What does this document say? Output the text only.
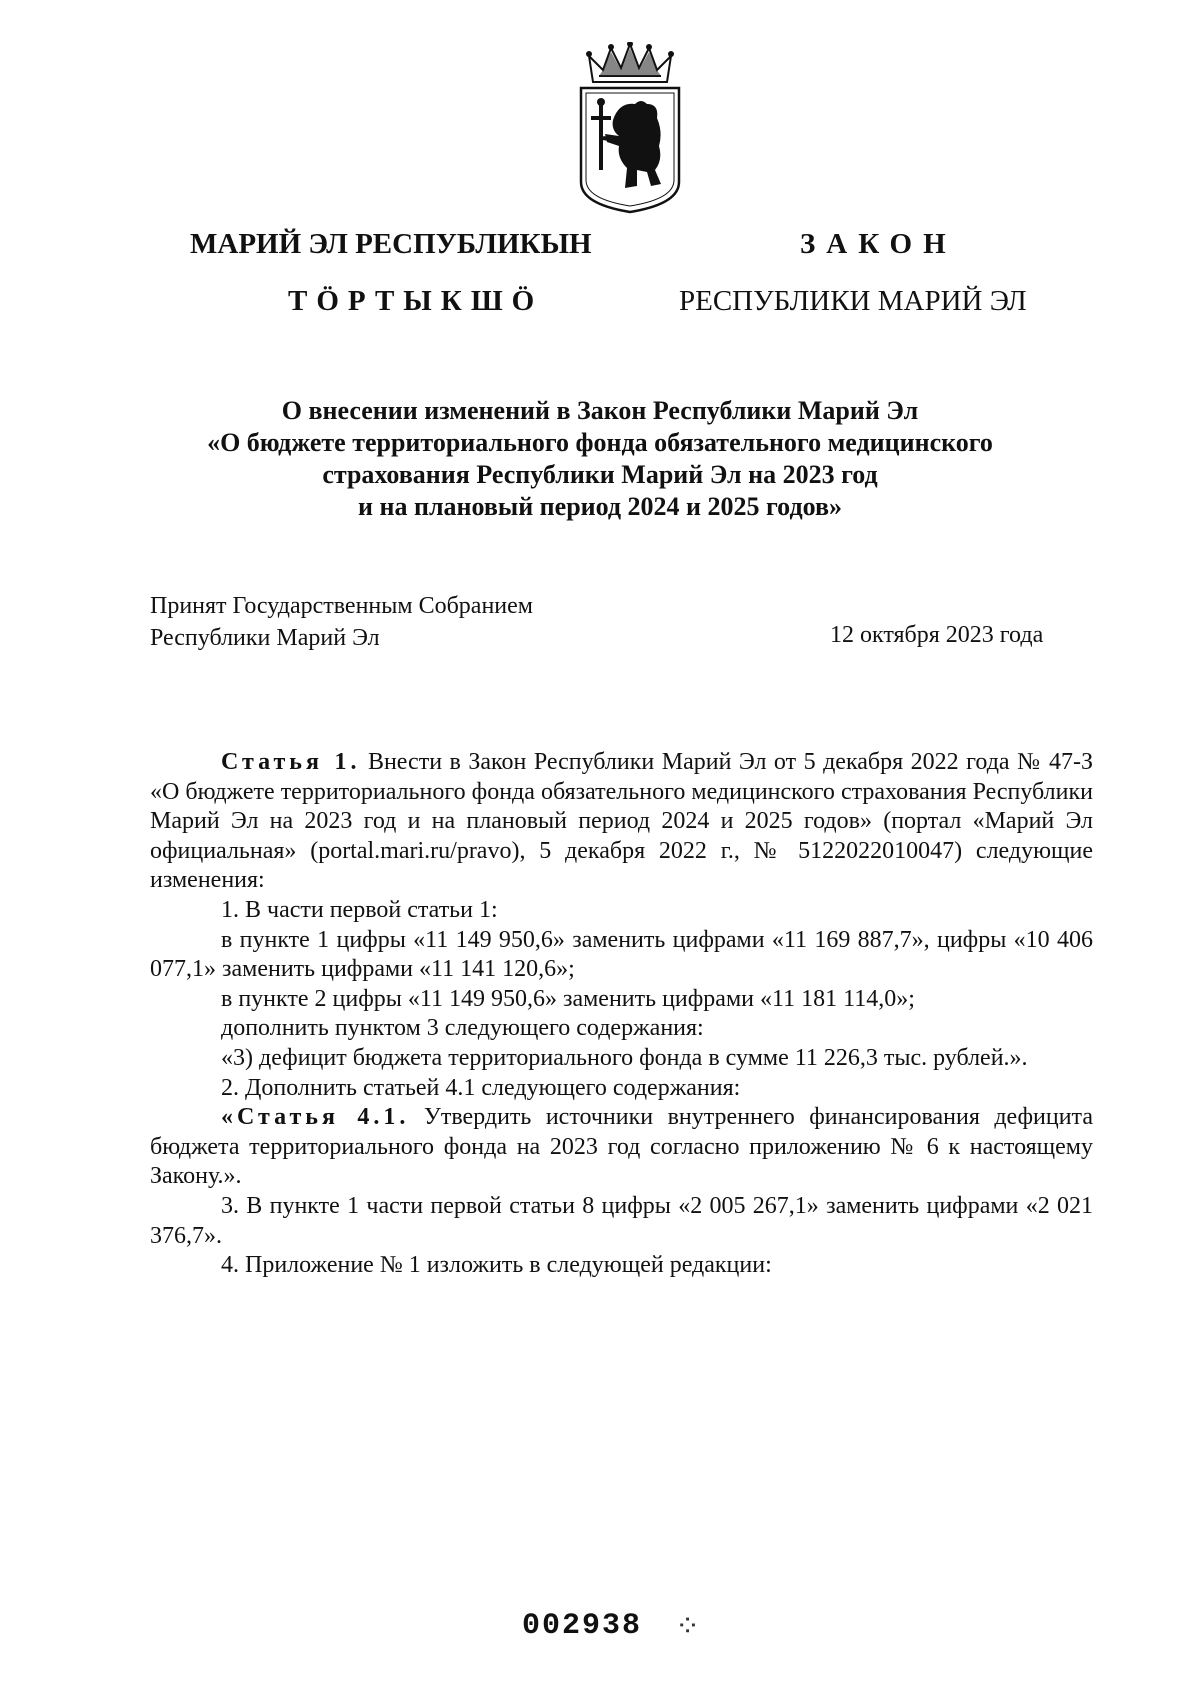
МАРИЙ ЭЛ РЕСПУБЛИКЫН
ТӦРТЫКШӦ
ЗАКОН
РЕСПУБЛИКИ МАРИЙ ЭЛ
О внесении изменений в Закон Республики Марий Эл
«О бюджете территориального фонда обязательного медицинского
страхования Республики Марий Эл на 2023 год
и на плановый период 2024 и 2025 годов»
Принят Государственным Собранием
Республики Марий Эл	12 октября 2023 года

Статья 1. Внести в Закон Республики Марий Эл от 5 декабря 2022 года № 47-З «О бюджете территориального фонда обязательного медицинского страхования Республики Марий Эл на 2023 год и на плановый период 2024 и 2025 годов» (портал «Марий Эл официальная» (portal.mari.ru/pravo), 5 декабря 2022 г., № 5122022010047) следующие изменения:

1. В части первой статьи 1:

в пункте 1 цифры «11 149 950,6» заменить цифрами «11 169 887,7», цифры «10 406 077,1» заменить цифрами «11 141 120,6»;

в пункте 2 цифры «11 149 950,6» заменить цифрами «11 181 114,0»;

дополнить пунктом 3 следующего содержания:

«3) дефицит бюджета территориального фонда в сумме 11 226,3 тыс. рублей.».

2. Дополнить статьей 4.1 следующего содержания:

«Статья 4.1. Утвердить источники внутреннего финансирования дефицита бюджета территориального фонда на 2023 год согласно приложению № 6 к настоящему Закону.».

3. В пункте 1 части первой статьи 8 цифры «2 005 267,1» заменить цифрами «2 021 376,7».

4. Приложение № 1 изложить в следующей редакции:

002938 ⁘
